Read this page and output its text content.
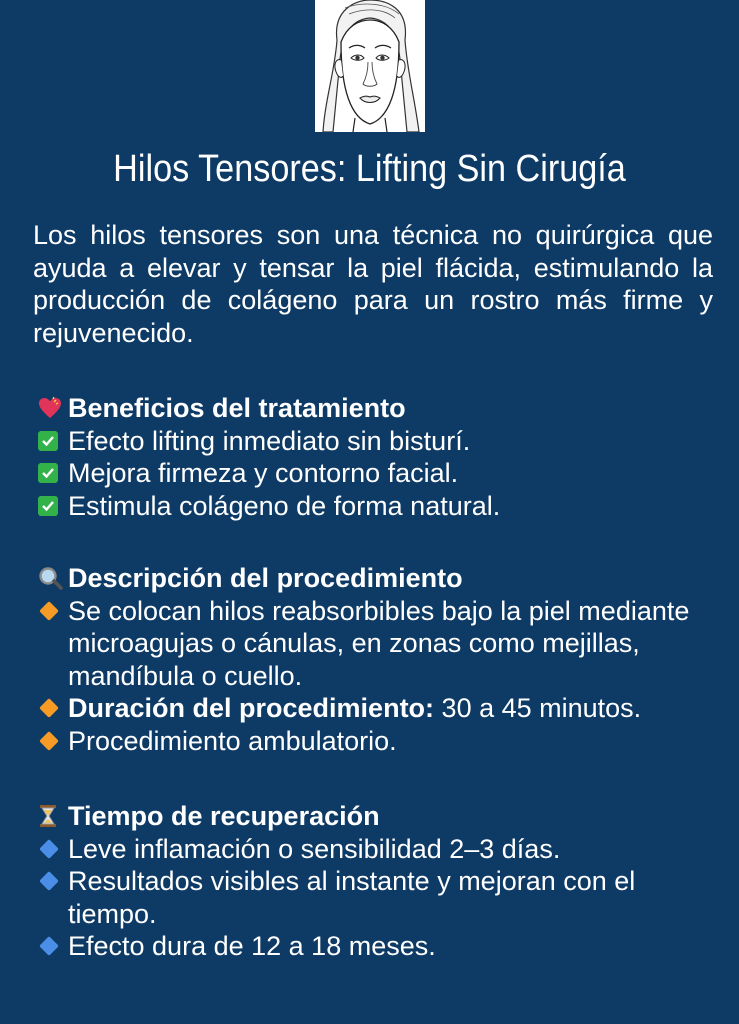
Hilos Tensores: Lifting Sin Cirugía
Los hilos tensores son una técnica no quirúrgica que ayuda a elevar y tensar la piel flácida, estimulando la producción de colágeno para un rostro más firme y rejuvenecido.
Beneficios del tratamiento
Efecto lifting inmediato sin bisturí.
Mejora firmeza y contorno facial.
Estimula colágeno de forma natural.
Descripción del procedimiento
Se colocan hilos reabsorbibles bajo la piel mediante microagujas o cánulas, en zonas como mejillas, mandíbula o cuello.
Duración del procedimiento: 30 a 45 minutos.
Procedimiento ambulatorio.
Tiempo de recuperación
Leve inflamación o sensibilidad 2–3 días.
Resultados visibles al instante y mejoran con el tiempo.
Efecto dura de 12 a 18 meses.
